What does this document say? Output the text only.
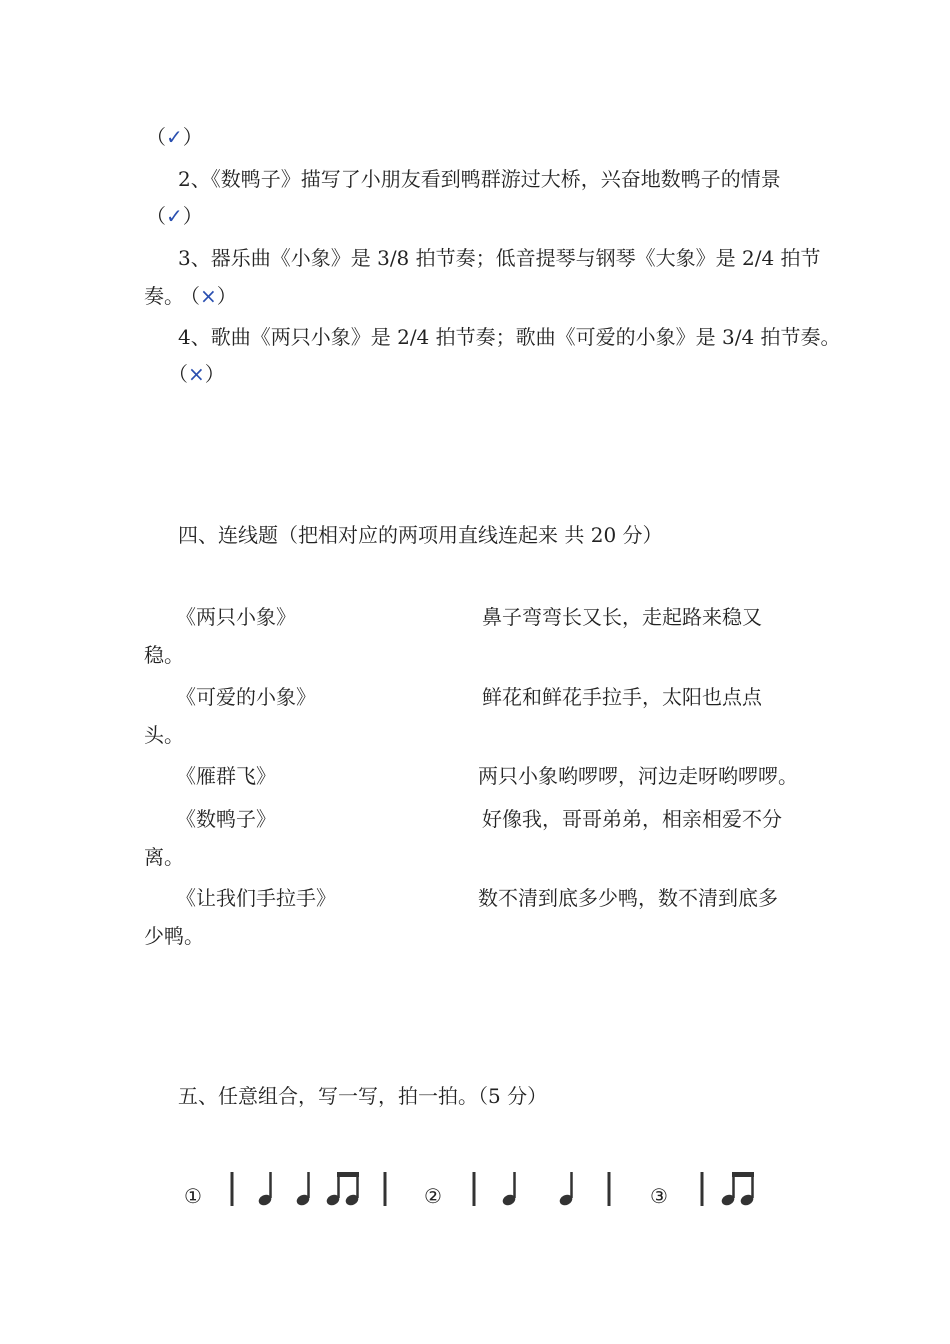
（✓）
2、《数鸭子》描写了小朋友看到鸭群游过大桥，兴奋地数鸭子的情景
（✓）
3、器乐曲《小象》是 3/8 拍节奏；低音提琴与钢琴《大象》是 2/4 拍节
奏。 （×）
4、歌曲《两只小象》是 2/4 拍节奏；歌曲《可爱的小象》是 3/4 拍节奏。
（×）
四、连线题（把相对应的两项用直线连起来 共 20 分）
《两只小象》	鼻子弯弯长又长，走起路来稳又
稳。
《可爱的小象》	鲜花和鲜花手拉手，太阳也点点
头。
《雁群飞》	两只小象哟啰啰，河边走呀哟啰啰。
《数鸭子》	好像我，哥哥弟弟，相亲相爱不分
离。
《让我们手拉手》	数不清到底多少鸭，数不清到底多
少鸭。
五、任意组合，写一写，拍一拍。（5 分）
①	②	③
